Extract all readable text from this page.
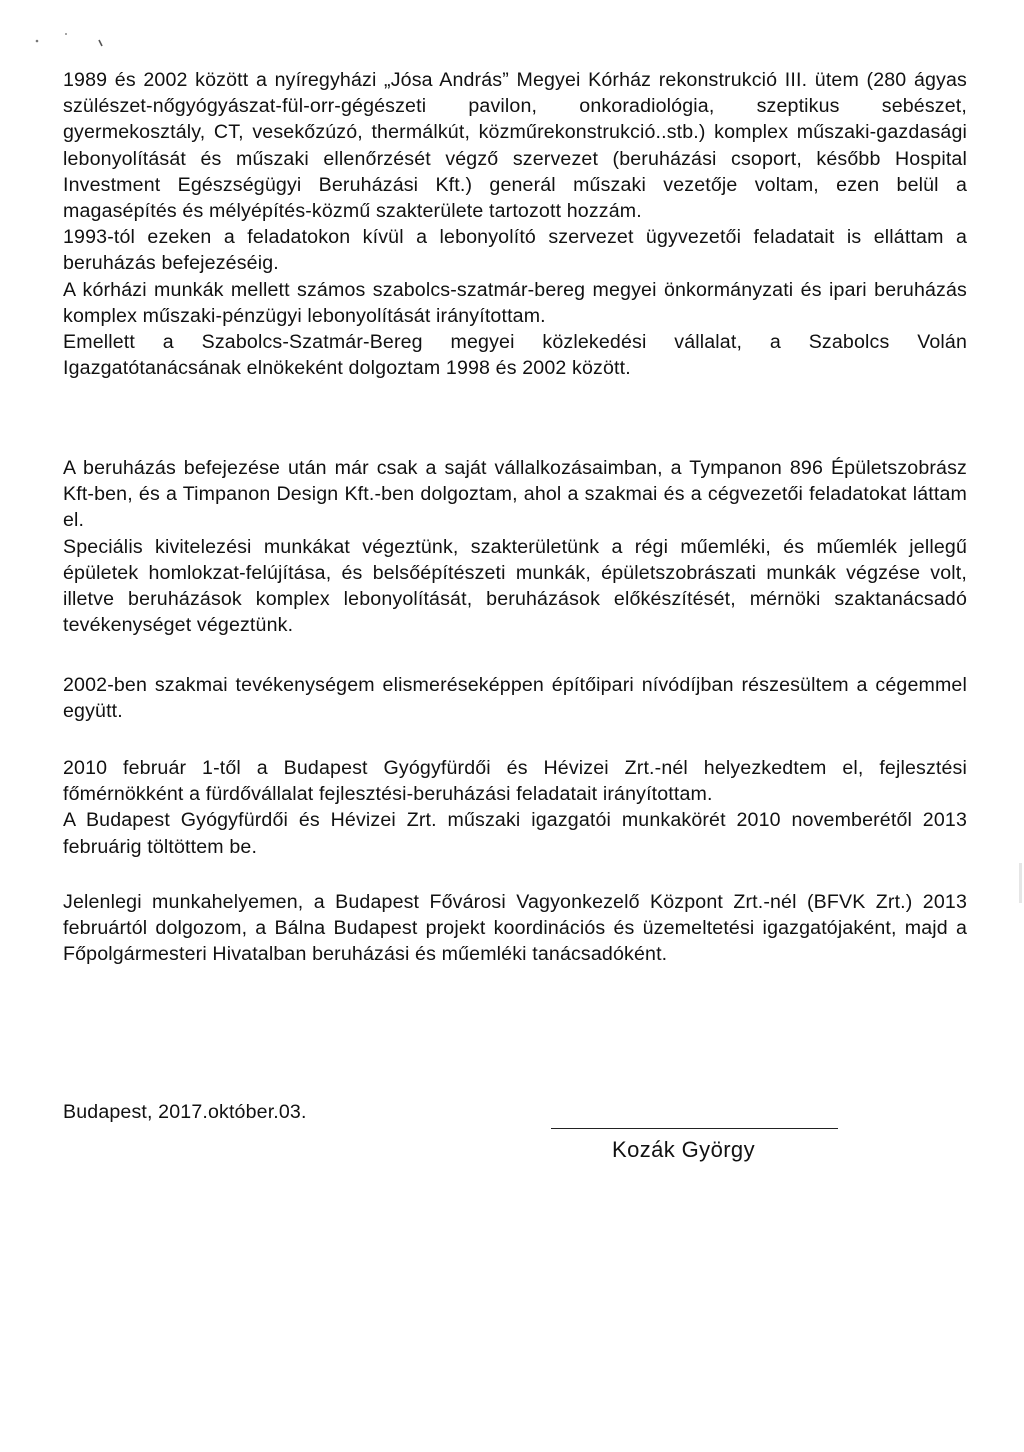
1989 és 2002 között a nyíregyházi „Jósa András” Megyei Kórház rekonstrukció III. ütem (280 ágyas szülészet-nőgyógyászat-fül-orr-gégészeti pavilon, onkoradiológia, szeptikus sebészet, gyermekosztály, CT, vesekőzúzó, thermálkút, közműrekonstrukció..stb.) komplex műszaki-gazdasági lebonyolítását és műszaki ellenőrzését végző szervezet (beruházási csoport, később Hospital Investment Egészségügyi Beruházási Kft.) generál műszaki vezetője voltam, ezen belül a magasépítés és mélyépítés-közmű szakterülete tartozott hozzám.

1993-tól ezeken a feladatokon kívül a lebonyolító szervezet ügyvezetői feladatait is elláttam a beruházás befejezéséig.

A kórházi munkák mellett számos szabolcs-szatmár-bereg megyei önkormányzati és ipari beruházás komplex műszaki-pénzügyi lebonyolítását irányítottam.

Emellett a Szabolcs-Szatmár-Bereg megyei közlekedési vállalat, a Szabolcs Volán Igazgatótanácsának elnökeként dolgoztam 1998 és 2002 között.

A beruházás befejezése után már csak a saját vállalkozásaimban, a Tympanon 896 Épületszobrász Kft-ben, és a Timpanon Design Kft.-ben dolgoztam, ahol a szakmai és a cégvezetői feladatokat láttam el.

Speciális kivitelezési munkákat végeztünk, szakterületünk a régi műemléki, és műemlék jellegű épületek homlokzat-felújítása, és belsőépítészeti munkák, épületszobrászati munkák végzése volt, illetve beruházások komplex lebonyolítását, beruházások előkészítését, mérnöki szaktanácsadó tevékenységet végeztünk.

2002-ben szakmai tevékenységem elismeréseképpen építőipari nívódíjban részesültem a cégemmel együtt.

2010 február 1-től a Budapest Gyógyfürdői és Hévizei Zrt.-nél helyezkedtem el, fejlesztési főmérnökként a fürdővállalat fejlesztési-beruházási feladatait irányítottam.

A Budapest Gyógyfürdői és Hévizei Zrt. műszaki igazgatói munkakörét 2010 novemberétől 2013 februárig töltöttem be.

Jelenlegi munkahelyemen, a Budapest Fővárosi Vagyonkezelő Központ Zrt.-nél (BFVK Zrt.) 2013 februártól dolgozom, a Bálna Budapest projekt koordinációs és üzemeltetési igazgatójaként, majd a Főpolgármesteri Hivatalban beruházási és műemléki tanácsadóként.

Budapest, 2017.október.03.
Kozák György
